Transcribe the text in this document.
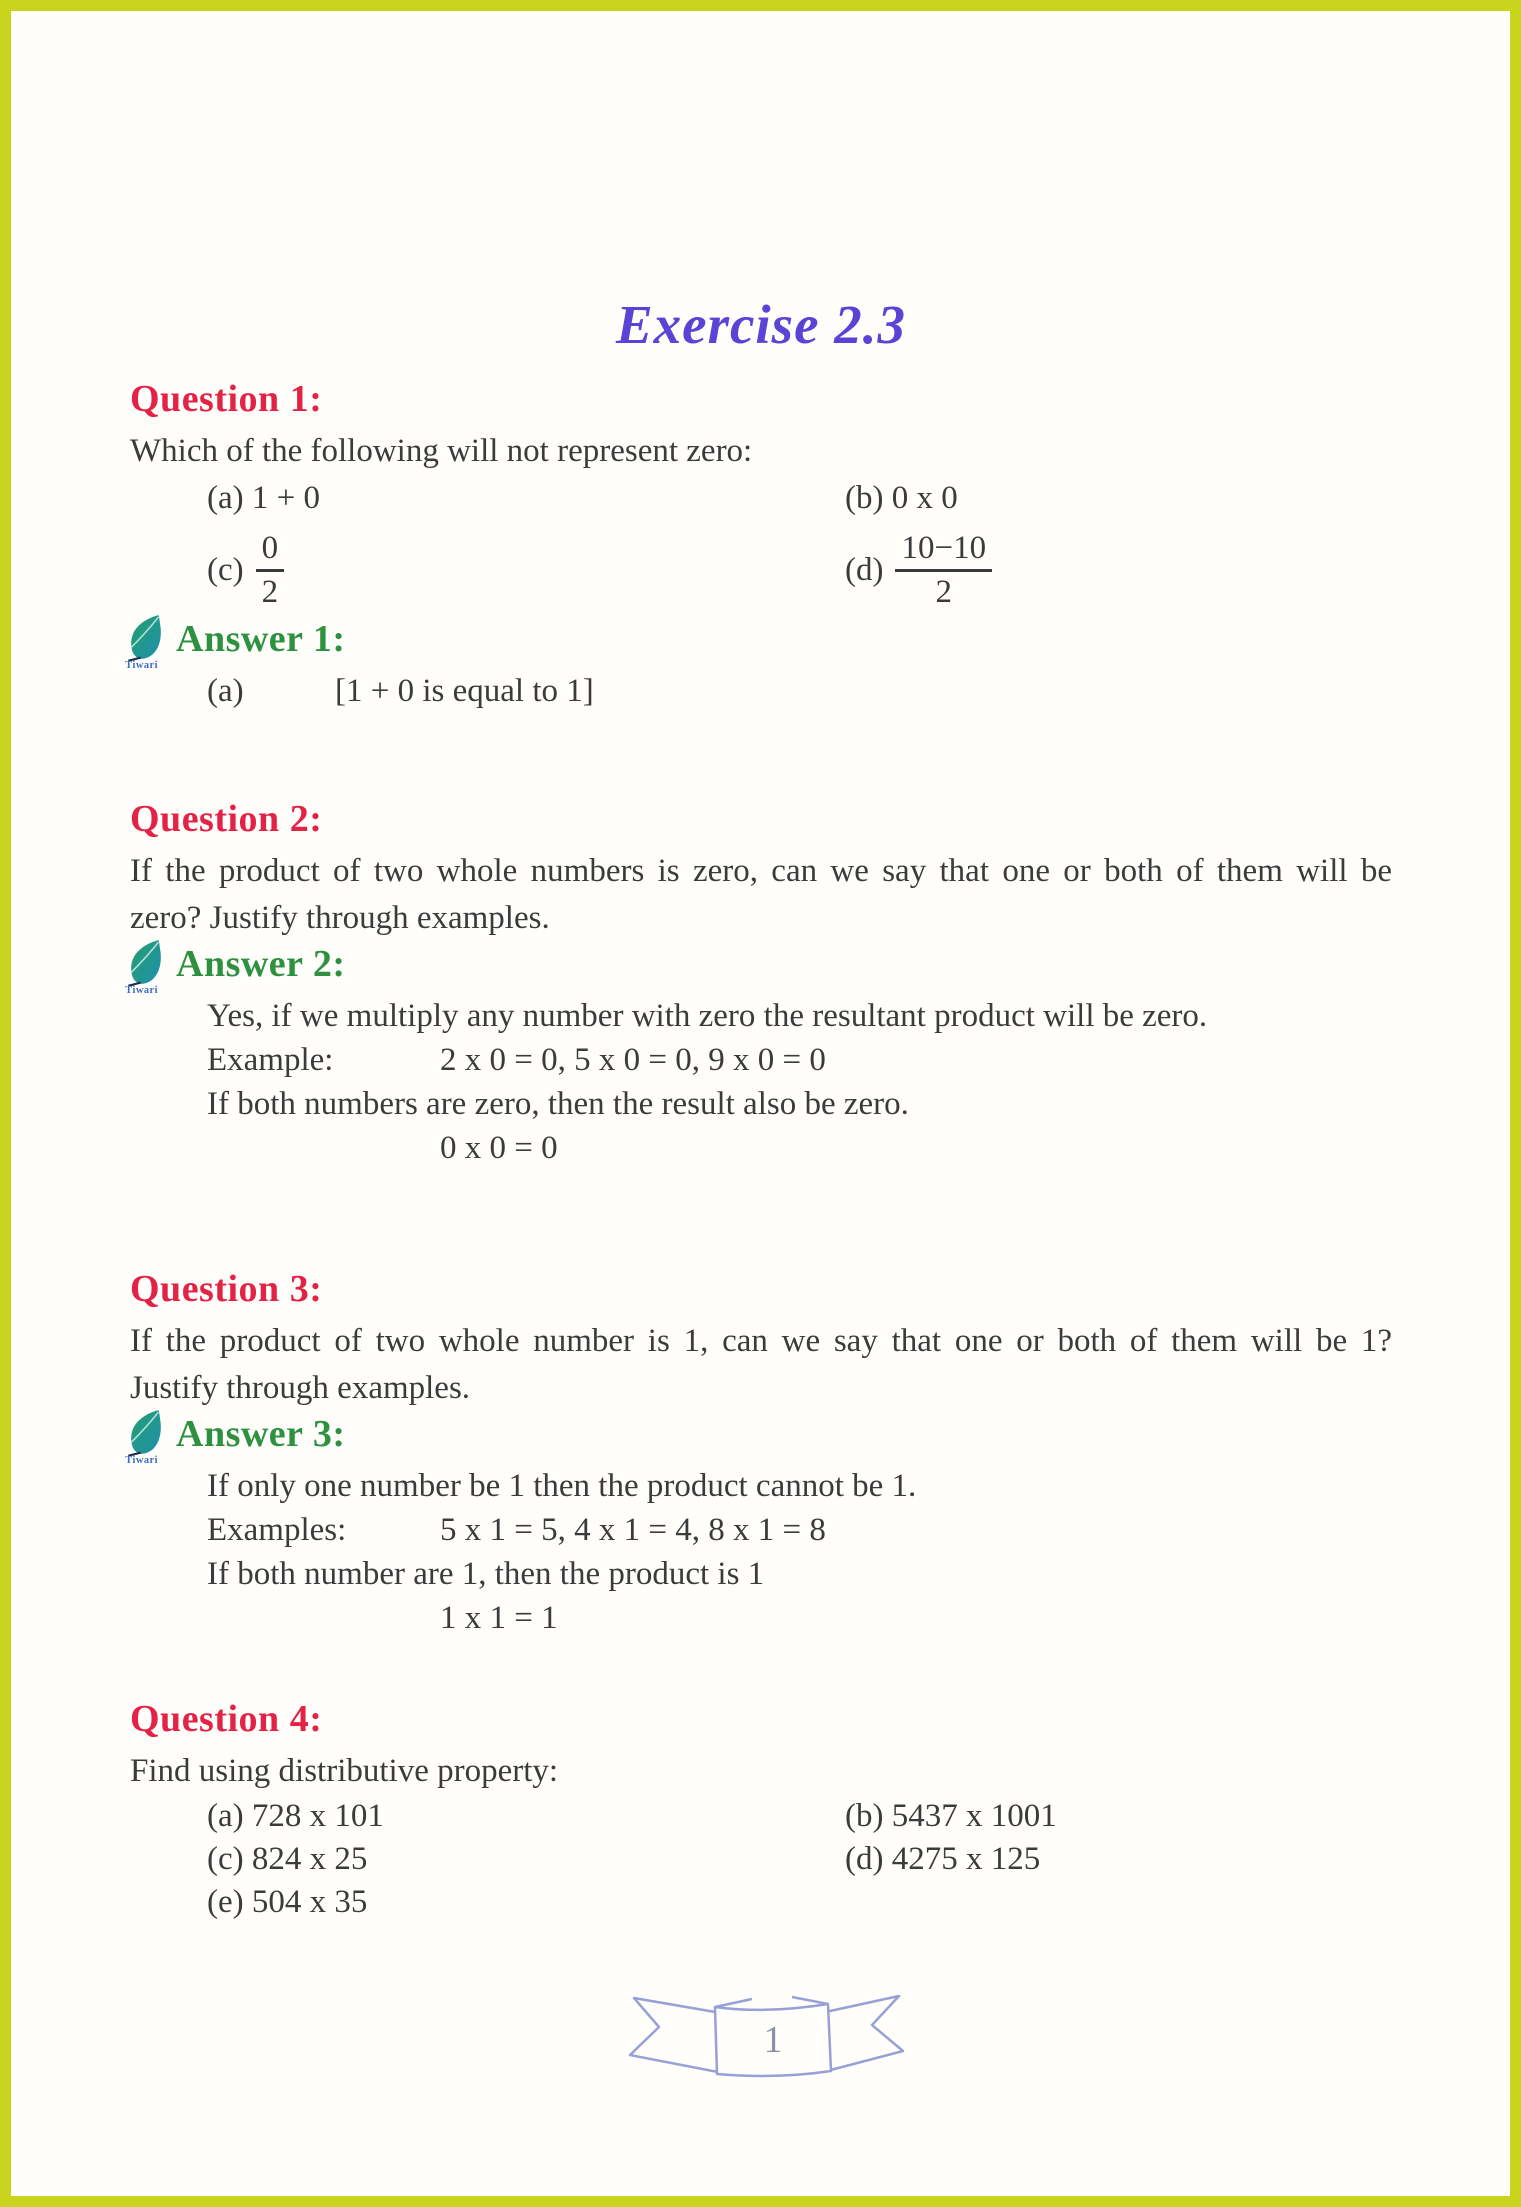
Exercise 2.3
Question 1:

Which of the following will not represent zero:

(a) 1 + 0	(b) 0 x 0
$(c) \frac{0}{2}$	$(d) \frac{10-10}{2}$
Tiwari
Answer 1:
(a)	[1 + 0 is equal to 1]
Question 2:

If the product of two whole numbers is zero, can we say that one or both of them will be

zero? Justify through examples.

Tiwari
Answer 2:
Yes, if we multiply any number with zero the resultant product will be zero.
Example:	2 x 0 = 0, 5 x 0 = 0, 9 x 0 = 0
If both numbers are zero, then the result also be zero.
0 x 0 = 0
Question 3:

If the product of two whole number is 1, can we say that one or both of them will be 1?

Justify through examples.

Tiwari
Answer 3:
If only one number be 1 then the product cannot be 1.
Examples:	5 x 1 = 5, 4 x 1 = 4, 8 x 1 = 8
If both number are 1, then the product is 1
1 x 1 = 1
Question 4:

Find using distributive property:

(a) 728 x 101	(b) 5437 x 1001
(c) 824 x 25	(d) 4275 x 125
(e) 504 x 35
1
